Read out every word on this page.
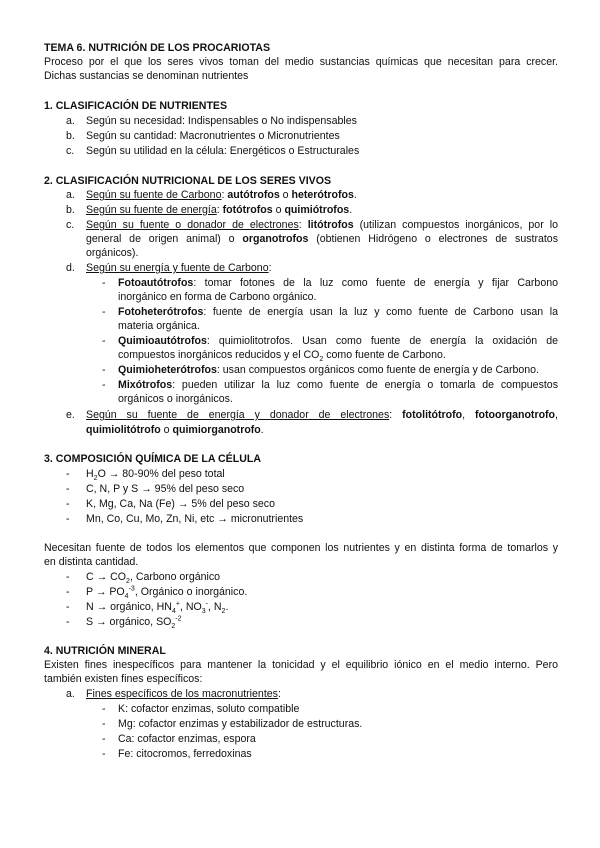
TEMA 6. NUTRICIÓN DE LOS PROCARIOTAS
Proceso por el que los seres vivos toman del medio sustancias químicas que necesitan para crecer.
Dichas sustancias se denominan nutrientes
1. CLASIFICACIÓN DE NUTRIENTES
a. Según su necesidad: Indispensables o No indispensables
b. Según su cantidad: Macronutrientes o Micronutrientes
c. Según su utilidad en la célula: Energéticos o Estructurales
2. CLASIFICACIÓN NUTRICIONAL DE LOS SERES VIVOS
a. Según su fuente de Carbono: autótrofos o heterótrofos.
b. Según su fuente de energía: fotótrofos o quimiótrofos.
c. Según su fuente o donador de electrones: litótrofos (utilizan compuestos inorgánicos, por lo
general de origen animal) o organotrofos (obtienen Hidrógeno o electrones de sustratos
orgánicos).
d. Según su energía y fuente de Carbono:
- Fotoautótrofos: tomar fotones de la luz como fuente de energía y fijar Carbono
inorgánico en forma de Carbono orgánico.
- Fotoheterótrofos: fuente de energía usan la luz y como fuente de Carbono usan la
materia orgánica.
- Quimioautótrofos: quimiolitotrofos. Usan como fuente de energía la oxidación de
compuestos inorgánicos reducidos y el $CO_2$ como fuente de Carbono.
- Quimioheterótrofos: usan compuestos orgánicos como fuente de energía y de Carbono.
- Mixótrofos: pueden utilizar la luz como fuente de energía o tomarla de compuestos
orgánicos o inorgánicos.
e. Según su fuente de energía y donador de electrones: fotolitótrofo, fotoorganotrofo,
quimiolitótrofo o quimiorganotrofo.
3. COMPOSICIÓN QUÍMICA DE LA CÉLULA
- $H_2O \to 80-90\%$ del peso total
- C, N, P y S → 95% del peso seco
- K, Mg, Ca, Na (Fe) → 5% del peso seco
- Mn, Co, Cu, Mo, Zn, Ni, etc → micronutrientes
Necesitan fuente de todos los elementos que componen los nutrientes y en distinta forma de tomarlos y
en distinta cantidad.
- $C \to CO_2$, Carbono orgánico
- $P \to PO_4^{-3}$, Orgánico o inorgánico.
- N → orgánico, $HN_4^+$, $NO_3^-$, $N_2$.
- S → orgánico, $SO_2^{-2}$
4. NUTRICIÓN MINERAL
Existen fines inespecíficos para mantener la tonicidad y el equilibrio iónico en el medio interno. Pero
también existen fines específicos:
a. Fines específicos de los macronutrientes:
- K: cofactor enzimas, soluto compatible
- Mg: cofactor enzimas y estabilizador de estructuras.
- Ca: cofactor enzimas, espora
- Fe: citocromos, ferredoxinas
